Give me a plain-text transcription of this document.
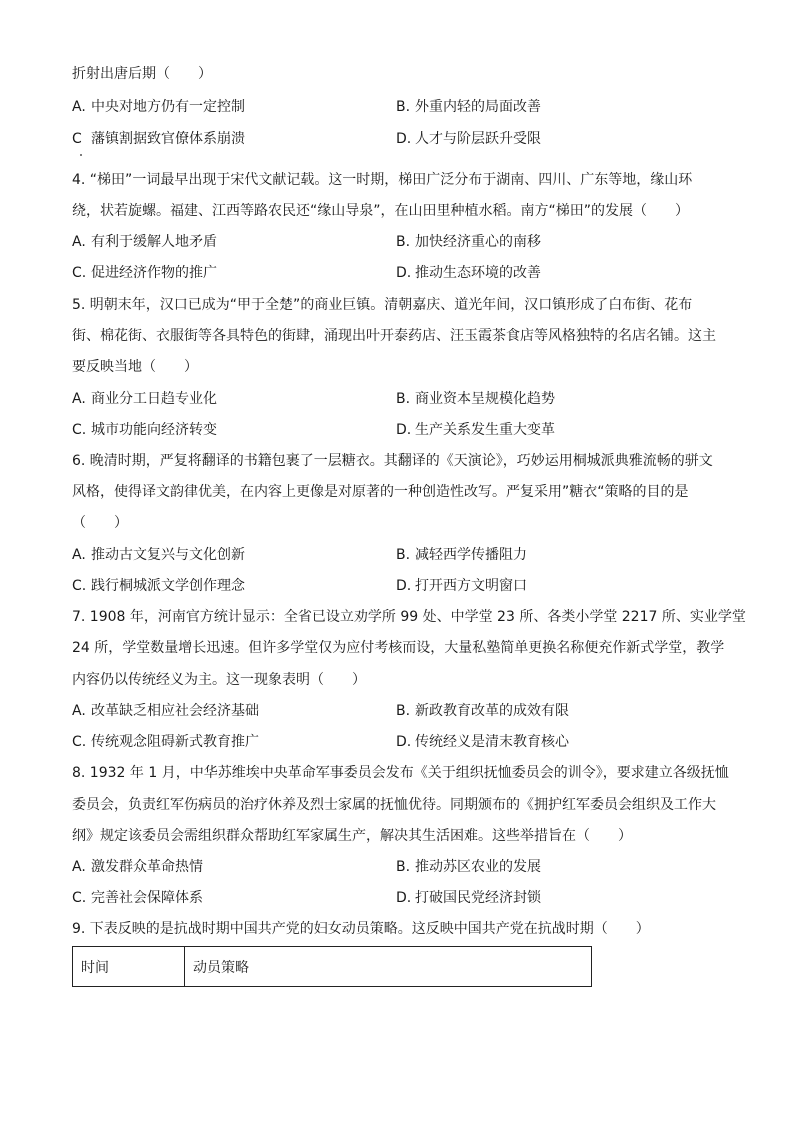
折射出唐后期（　　）
A. 中央对地方仍有一定控制	B. 外重内轻的局面改善
C 藩镇割据致官僚体系崩溃	D. 人才与阶层跃升受限
4. “梯田”一词最早出现于宋代文献记载。这一时期，梯田广泛分布于湖南、四川、广东等地，缘山环
绕，状若旋螺。福建、江西等路农民还“缘山导泉”，在山田里种植水稻。南方“梯田”的发展（　　）
A. 有利于缓解人地矛盾	B. 加快经济重心的南移
C. 促进经济作物的推广	D. 推动生态环境的改善
5. 明朝末年，汉口已成为“甲于全楚”的商业巨镇。清朝嘉庆、道光年间，汉口镇形成了白布街、花布
街、棉花街、衣服街等各具特色的街肆，涌现出叶开泰药店、汪玉霞茶食店等风格独特的名店名铺。这主
要反映当地（　　）
A. 商业分工日趋专业化	B. 商业资本呈规模化趋势
C. 城市功能向经济转变	D. 生产关系发生重大变革
6. 晚清时期，严复将翻译的书籍包裹了一层糖衣。其翻译的《天演论》，巧妙运用桐城派典雅流畅的骈文
风格，使得译文韵律优美，在内容上更像是对原著的一种创造性改写。严复采用”糖衣“策略的目的是
（　　）
A. 推动古文复兴与文化创新	B. 减轻西学传播阻力
C. 践行桐城派文学创作理念	D. 打开西方文明窗口
7. 1908 年，河南官方统计显示：全省已设立劝学所 99 处、中学堂 23 所、各类小学堂 2217 所、实业学堂
24 所，学堂数量增长迅速。但许多学堂仅为应付考核而设，大量私塾简单更换名称便充作新式学堂，教学
内容仍以传统经义为主。这一现象表明（　　）
A. 改革缺乏相应社会经济基础	B. 新政教育改革的成效有限
C. 传统观念阻碍新式教育推广	D. 传统经义是清末教育核心
8. 1932 年 1 月，中华苏维埃中央革命军事委员会发布《关于组织抚恤委员会的训令》，要求建立各级抚恤
委员会，负责红军伤病员的治疗休养及烈士家属的抚恤优待。同期颁布的《拥护红军委员会组织及工作大
纲》规定该委员会需组织群众帮助红军家属生产，解决其生活困难。这些举措旨在（　　）
A. 激发群众革命热情	B. 推动苏区农业的发展
C. 完善社会保障体系	D. 打破国民党经济封锁
9. 下表反映的是抗战时期中国共产党的妇女动员策略。这反映中国共产党在抗战时期（　　）
时间	动员策略
